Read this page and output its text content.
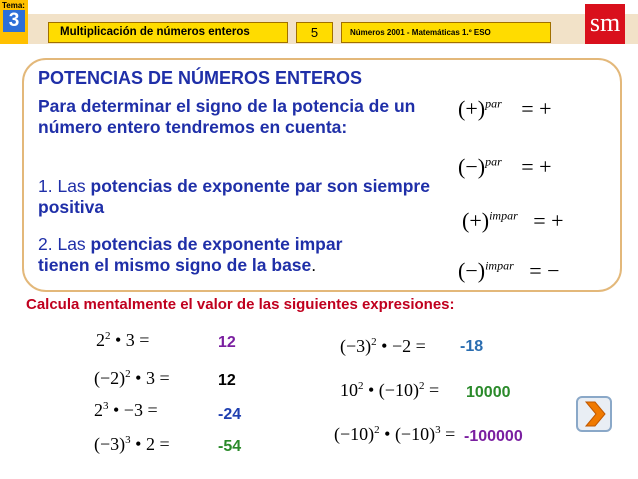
Tema:
3
Multiplicación de números enteros	5	Números 2001 - Matemáticas 1.º ESO	sm
POTENCIAS DE NÚMEROS ENTEROS
Para determinar el signo de la potencia de un número entero tendremos en cuenta:
1. Las potencias de exponente par son siempre positiva
2. Las potencias de exponente impar
tienen el mismo signo de la base.
$(+)^{par}$ = +
$(-)^{par}$ = +
$(+)^{impar}$ = +
$(-)^{impar}$ = −
Calcula mentalmente el valor de las siguientes expresiones:
$2^2$ • 3 =	12
$(-2)^2$ • 3 =	12
$2^3$ • −3 =	-24
$(-3)^3$ • 2 =	-54
$(-3)^2$ • −2 = -18
$10^2$ • $(-10)^2 = 10000$
$(-10)^2$ • $(-10)^3 = -100000$
